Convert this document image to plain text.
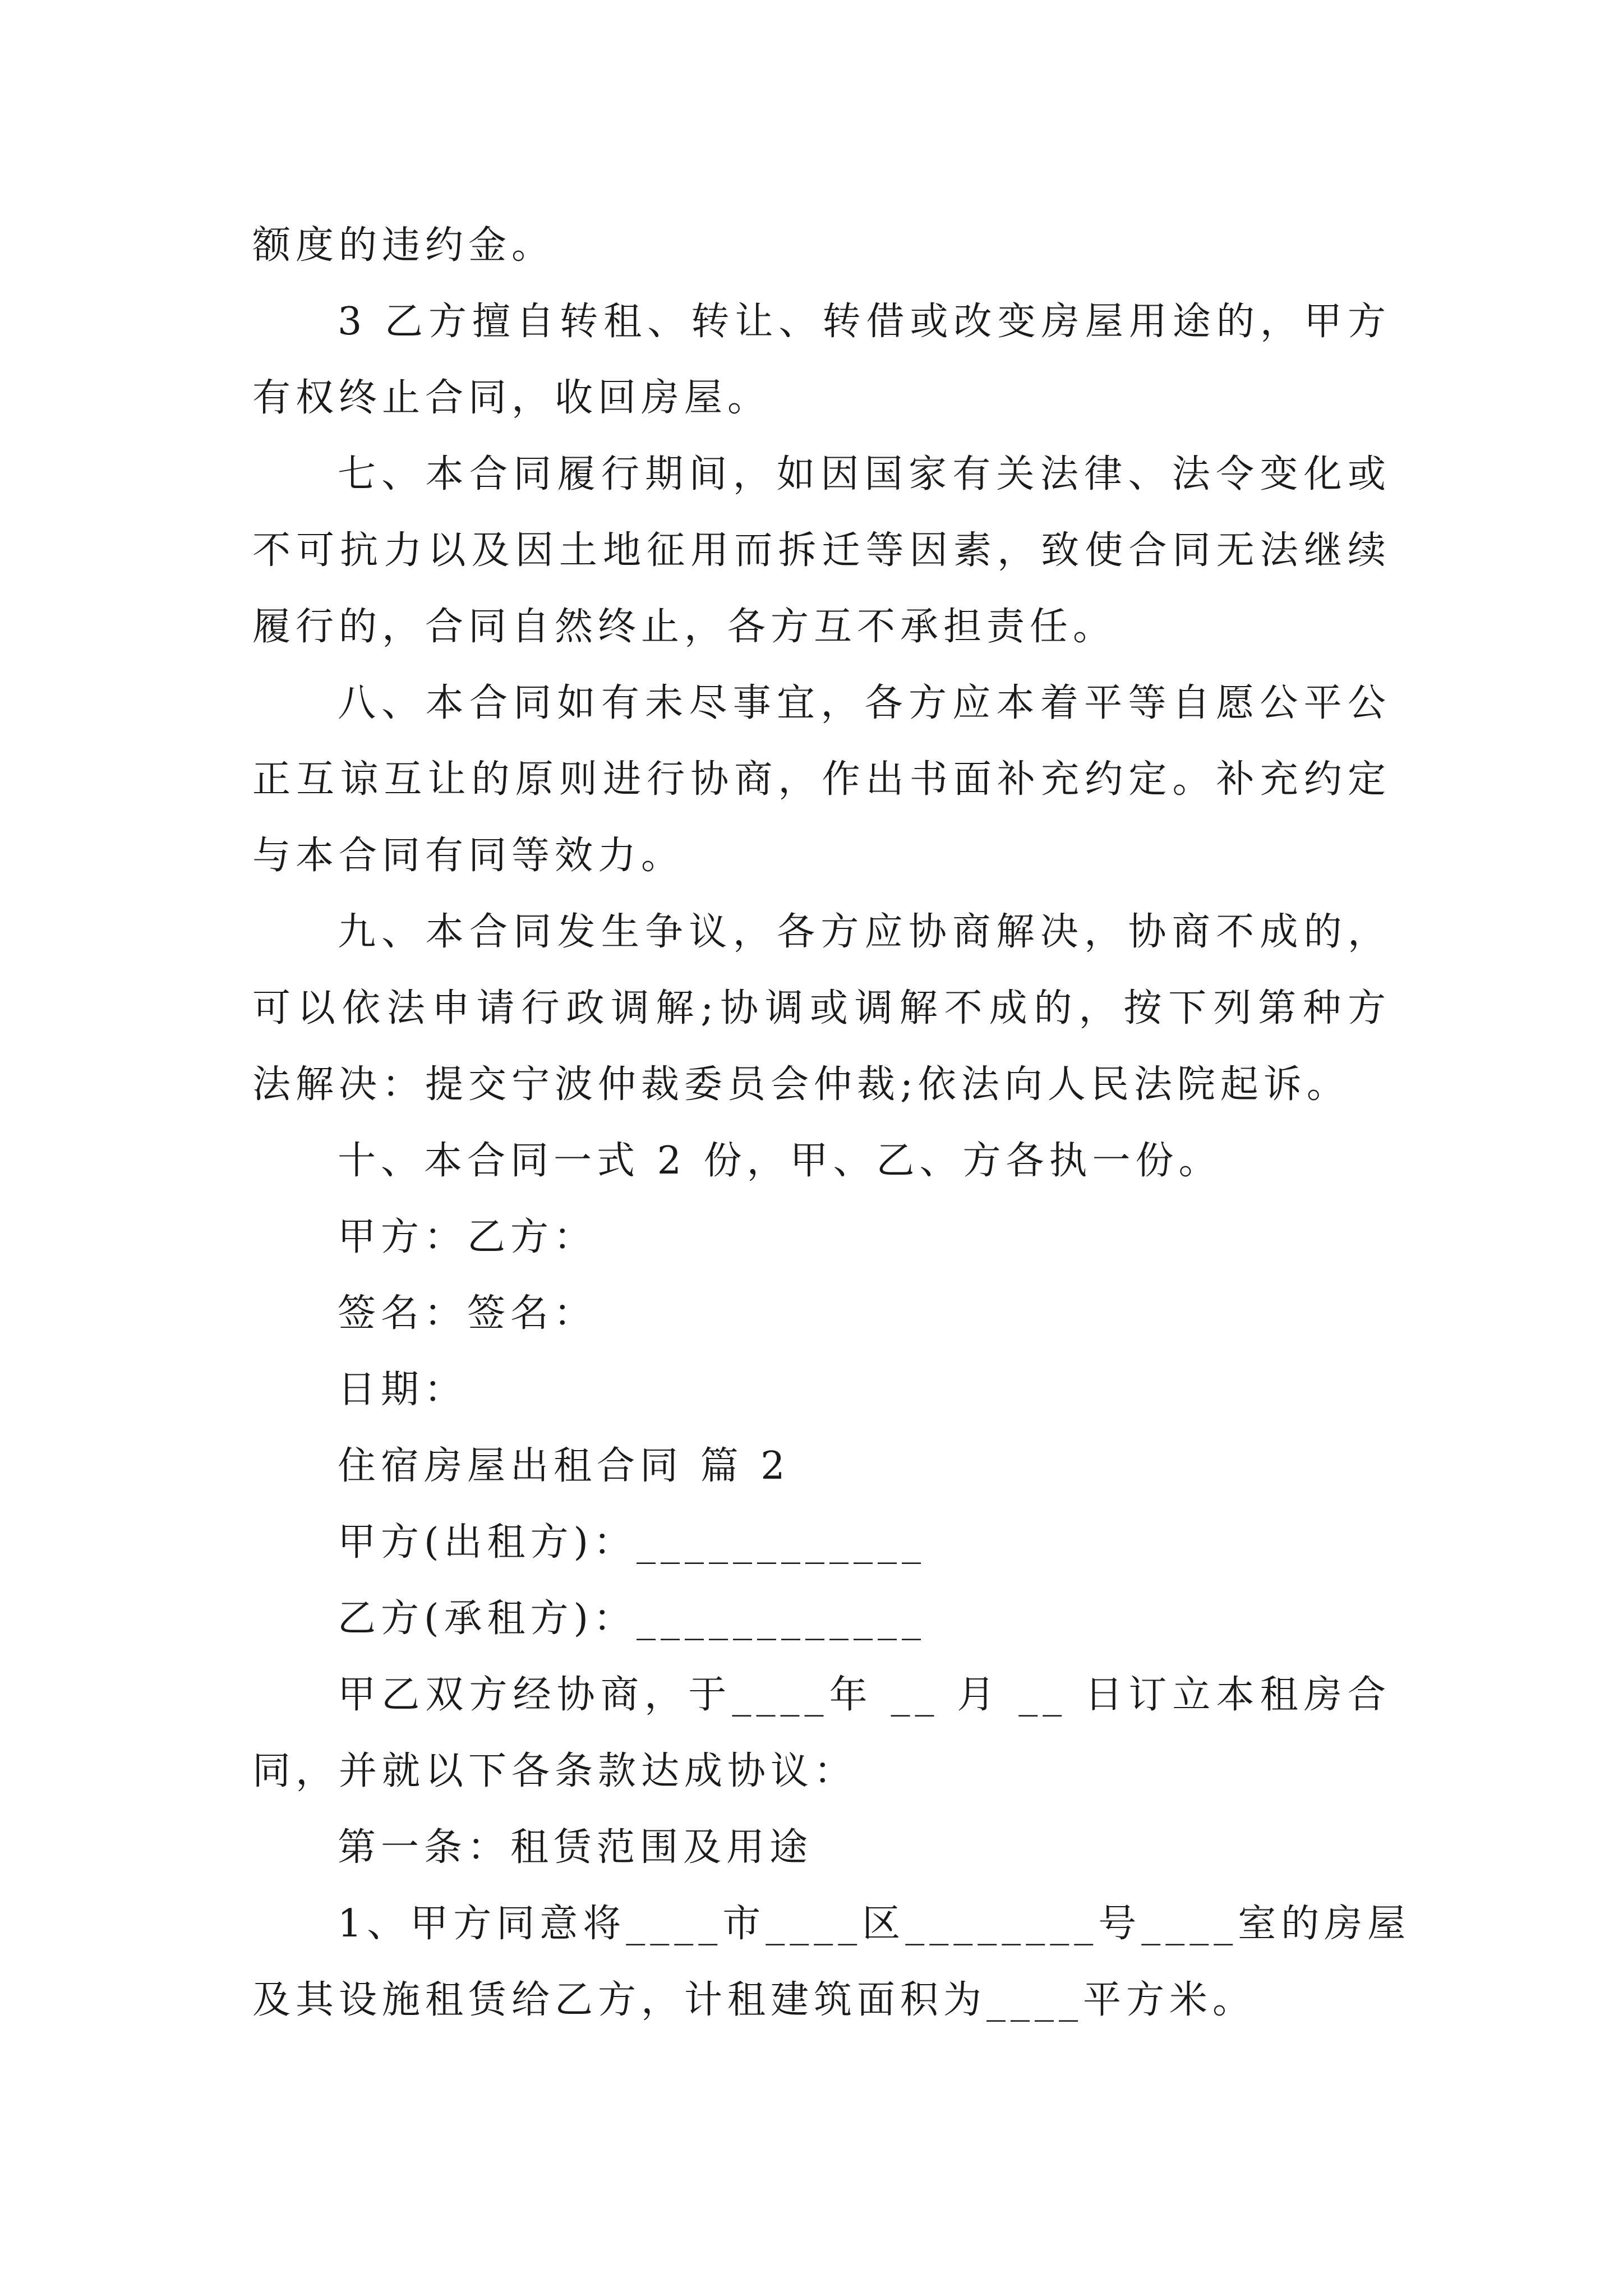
额度的违约金。
3 乙方擅自转租、转让、转借或改变房屋用途的，甲方
有权终止合同，收回房屋。
七、本合同履行期间，如因国家有关法律、法令变化或
不可抗力以及因土地征用而拆迁等因素，致使合同无法继续
履行的，合同自然终止，各方互不承担责任。
八、本合同如有未尽事宜，各方应本着平等自愿公平公
正互谅互让的原则进行协商，作出书面补充约定。补充约定
与本合同有同等效力。
九、本合同发生争议，各方应协商解决，协商不成的，
可以依法申请行政调解;协调或调解不成的，按下列第种方
法解决：提交宁波仲裁委员会仲裁;依法向人民法院起诉。
十、本合同一式 2 份，甲、乙、方各执一份。
甲方：乙方：
签名：签名：
日期：
住宿房屋出租合同 篇 2
甲方(出租方)：____________
乙方(承租方)：____________
甲乙双方经协商，于____年 __ 月 __ 日订立本租房合
同，并就以下各条款达成协议：
第一条：租赁范围及用途
1、甲方同意将____市____区________号____室的房屋
及其设施租赁给乙方，计租建筑面积为____平方米。
